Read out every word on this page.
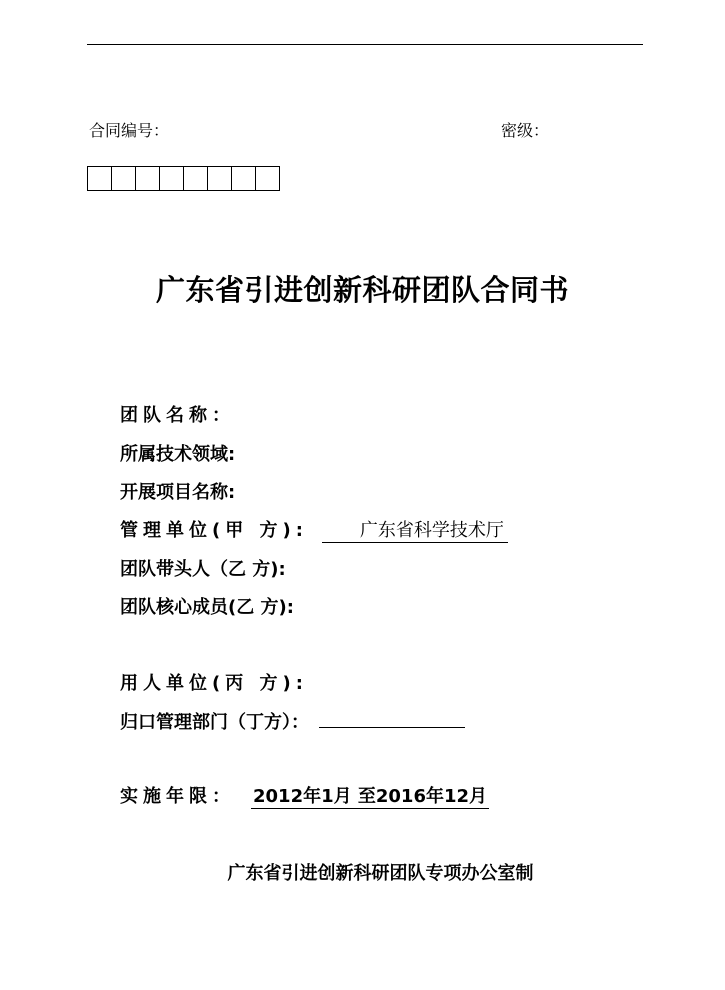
合同编号：	密级：
广东省引进创新科研团队合同书
团队名称：
所属技术领域:
开展项目名称:
管理单位(甲 方):	广东省科学技术厅
团队带头人（乙 方):
团队核心成员(乙 方):
用人单位(丙 方):
归口管理部门（丁方）：
实施年限： 2012年1月 至2016年12月
广东省引进创新科研团队专项办公室制
